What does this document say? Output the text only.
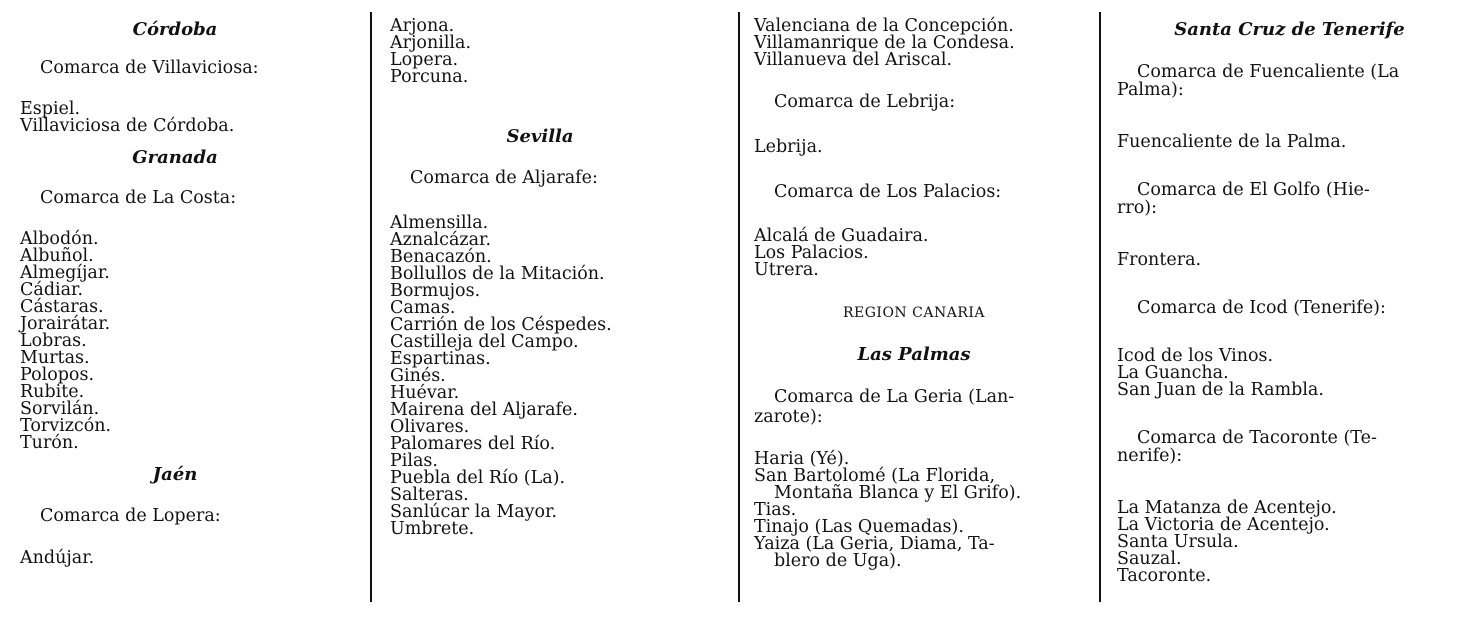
Córdoba
Comarca de Villaviciosa:
Espiel.
Villaviciosa de Córdoba.
Granada
Comarca de La Costa:
Albodón.
Albuñol.
Almegíjar.
Cádiar.
Cástaras.
Jorairátar.
Lobras.
Murtas.
Polopos.
Rubite.
Sorvilán.
Torvizcón.
Turón.
Jaén
Comarca de Lopera:
Andújar.
Arjona.
Arjonilla.
Lopera.
Porcuna.
Sevilla
Comarca de Aljarafe:
Almensilla.
Aznalcázar.
Benacazón.
Bollullos de la Mitación.
Bormujos.
Camas.
Carrión de los Céspedes.
Castilleja del Campo.
Espartinas.
Ginés.
Huévar.
Mairena del Aljarafe.
Olivares.
Palomares del Río.
Pilas.
Puebla del Río (La).
Salteras.
Sanlúcar la Mayor.
Umbrete.
Valenciana de la Concepción.
Villamanrique de la Condesa.
Villanueva del Ariscal.
Comarca de Lebrija:
Lebrija.
Comarca de Los Palacios:
Alcalá de Guadaira.
Los Palacios.
Utrera.
REGION CANARIA
Las Palmas
Comarca de La Geria (Lan-
zarote):
Haria (Yé).
San Bartolomé (La Florida,
Montaña Blanca y El Grifo).
Tias.
Tinajo (Las Quemadas).
Yaiza (La Geria, Diama, Ta-
blero de Uga).
Santa Cruz de Tenerife
Comarca de Fuencaliente (La
Palma):
Fuencaliente de la Palma.
Comarca de El Golfo (Hie-
rro):
Frontera.
Comarca de Icod (Tenerife):
Icod de los Vinos.
La Guancha.
San Juan de la Rambla.
Comarca de Tacoronte (Te-
nerife):
La Matanza de Acentejo.
La Victoria de Acentejo.
Santa Ursula.
Sauzal.
Tacoronte.
